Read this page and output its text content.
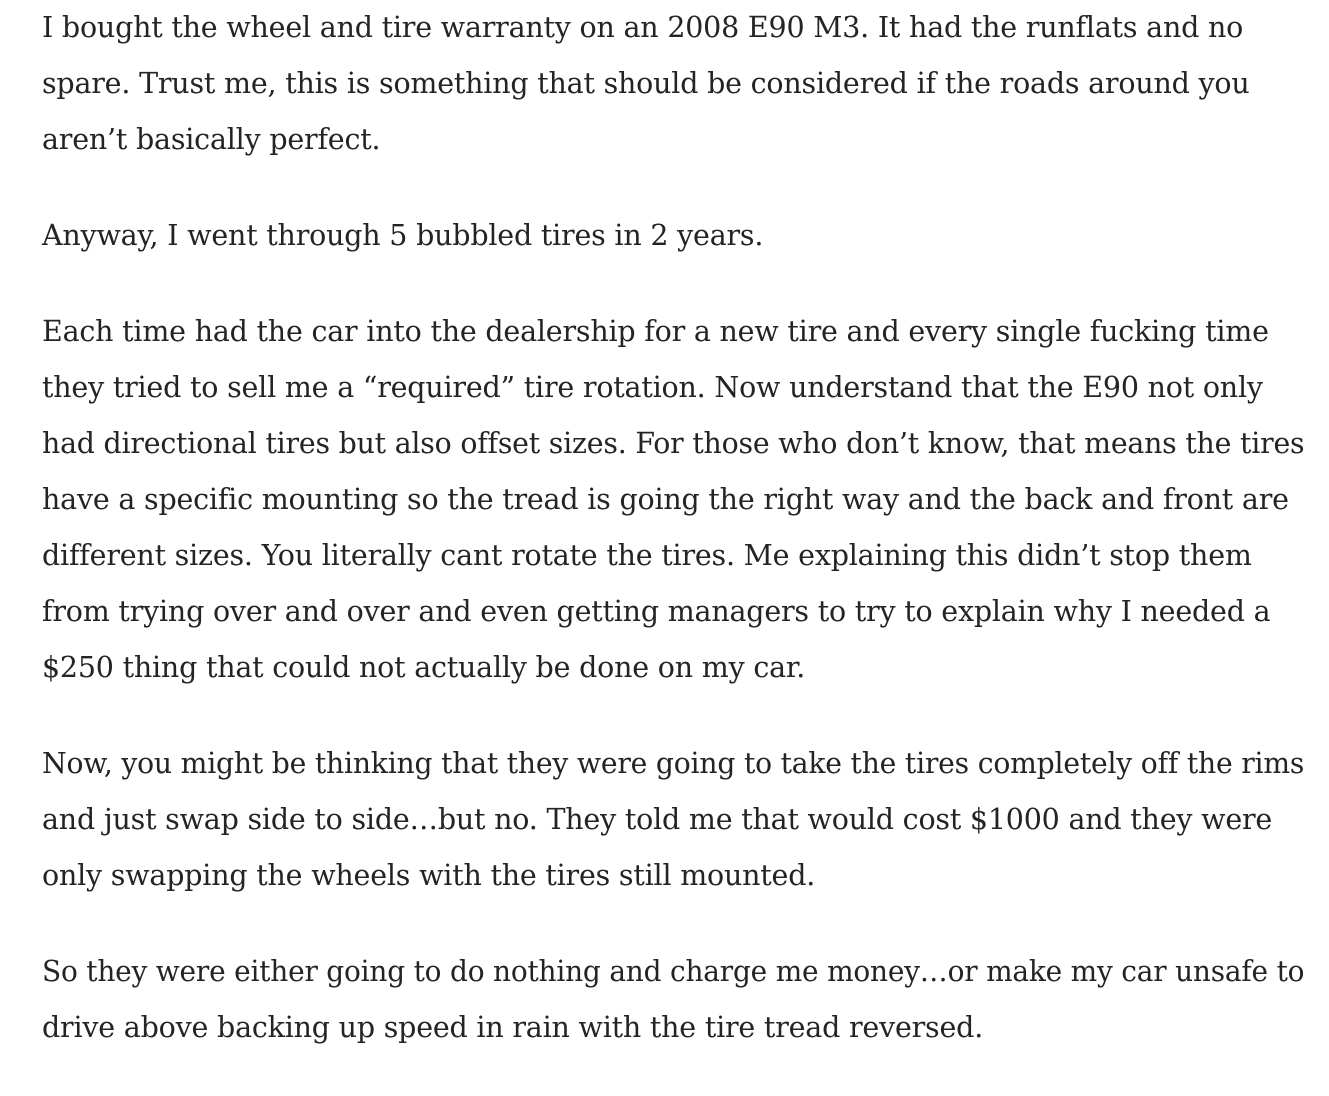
I bought the wheel and tire warranty on an 2008 E90 M3. It had the runflats and no
spare. Trust me, this is something that should be considered if the roads around you
aren’t basically perfect.

Anyway, I went through 5 bubbled tires in 2 years.

Each time had the car into the dealership for a new tire and every single fucking time
they tried to sell me a “required” tire rotation. Now understand that the E90 not only
had directional tires but also offset sizes. For those who don’t know, that means the tires
have a specific mounting so the tread is going the right way and the back and front are
different sizes. You literally cant rotate the tires. Me explaining this didn’t stop them
from trying over and over and even getting managers to try to explain why I needed a
$250 thing that could not actually be done on my car.

Now, you might be thinking that they were going to take the tires completely off the rims
and just swap side to side…but no. They told me that would cost $1000 and they were
only swapping the wheels with the tires still mounted.

So they were either going to do nothing and charge me money…or make my car unsafe to
drive above backing up speed in rain with the tire tread reversed.
